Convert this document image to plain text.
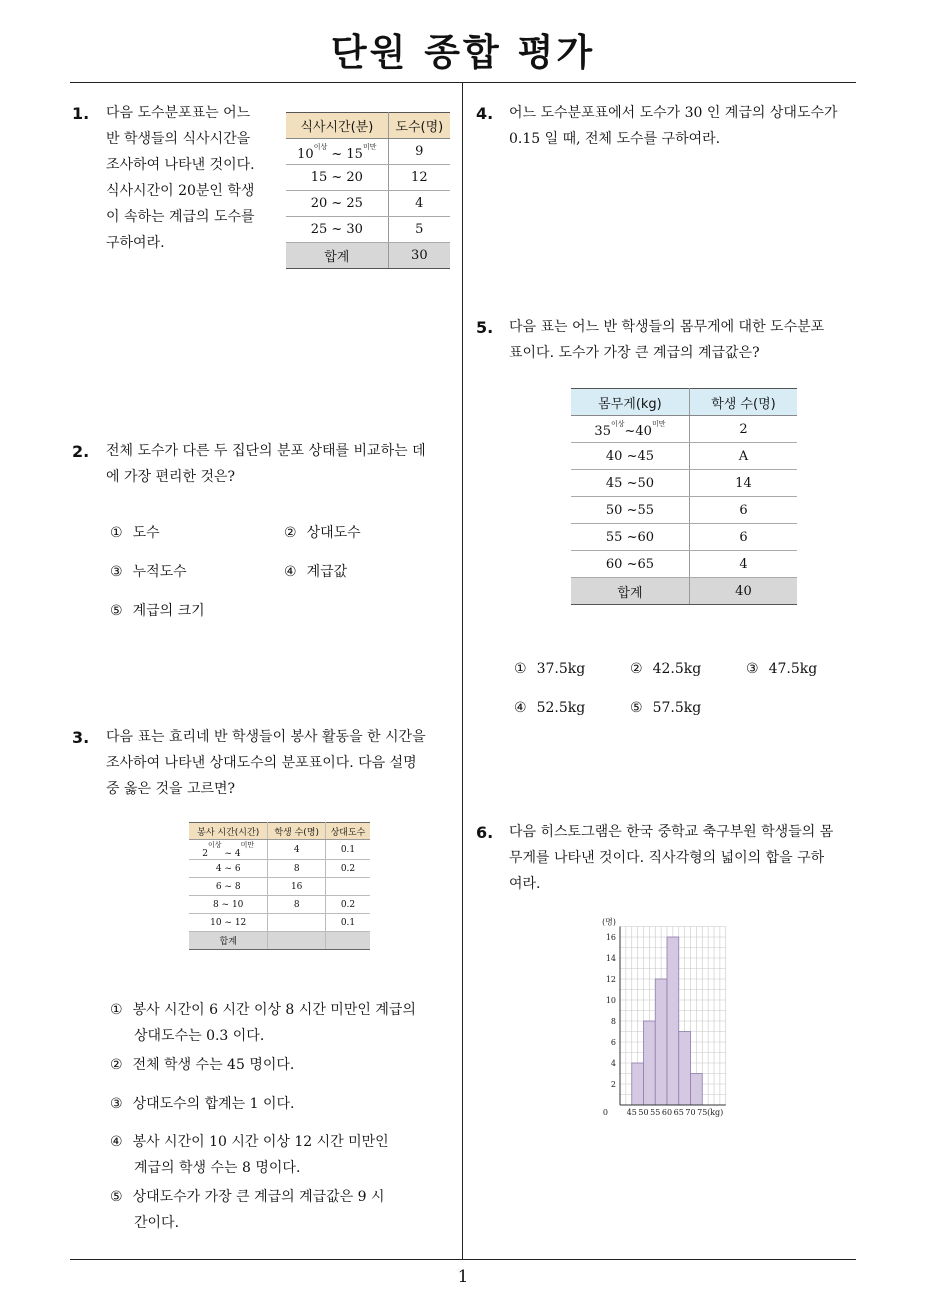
단원 종합 평가
1
1. 다음 도수분포표는 어느
반 학생들의 식사시간을
조사하여 나타낸 것이다.
식사시간이 20분인 학생
이 속하는 계급의 도수를
구하여라.
식사시간(분)	도수(명)
$10^{이상}$ ~ $15^{미만}$	9
15 ~ 20	12
20 ~ 25	4
25 ~ 30	5
합계	30
2. 전체 도수가 다른 두 집단의 분포 상태를 비교하는 데
에 가장 편리한 것은?
① 도수	② 상대도수
③ 누적도수	④ 계급값
⑤ 계급의 크기
3. 다음 표는 효리네 반 학생들이 봉사 활동을 한 시간을
조사하여 나타낸 상대도수의 분포표이다. 다음 설명
중 옳은 것을 고르면?
봉사 시간(시간)	학생 수(명)	상대도수
$2^{이상}$ ~ $4^{미만}$	4	0.1
4 ~ 6	8	0.2
6 ~ 8	16	
8 ~ 10	8	0.2
10 ~ 12		0.1
합계		
① 봉사 시간이 6 시간 이상 8 시간 미만인 계급의
상대도수는 0.3 이다.
② 전체 학생 수는 45 명이다.
③ 상대도수의 합계는 1 이다.
④ 봉사 시간이 10 시간 이상 12 시간 미만인
계급의 학생 수는 8 명이다.
⑤ 상대도수가 가장 큰 계급의 계급값은 9 시
간이다.
4. 어느 도수분포표에서 도수가 30 인 계급의 상대도수가
0.15 일 때, 전체 도수를 구하여라.
5. 다음 표는 어느 반 학생들의 몸무게에 대한 도수분포
표이다. 도수가 가장 큰 계급의 계급값은?
몸무게(kg)	학생 수(명)
$35^{이상}\sim 40^{미만}$	2
40 ~45	A
45 ~50	14
50 ~55	6
55 ~60	6
60 ~65	4
합계	40
① 37.5kg	② 42.5kg	③ 47.5kg
④ 52.5kg	⑤ 57.5kg
6. 다음 히스토그램은 한국 중학교 축구부원 학생들의 몸
무게를 나타낸 것이다. 직사각형의 넓이의 합을 구하
여라.
0
2
4
6
8
10
12
14
16
(명)
45 50 55 60 65 70 75 (kg)
